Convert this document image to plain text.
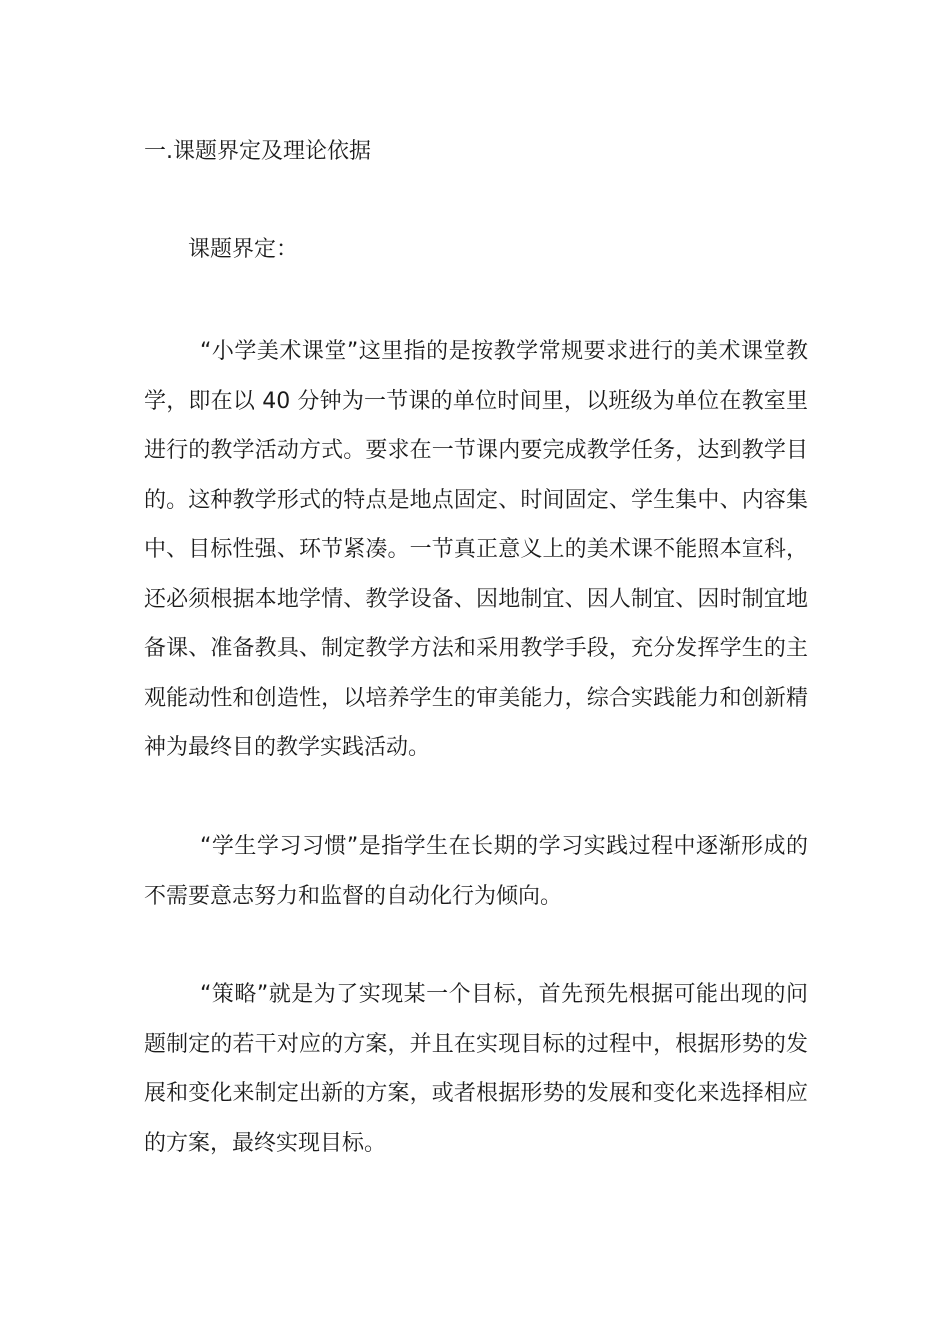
一.课题界定及理论依据
课题界定：

“小学美术课堂”这里指的是按教学常规要求进行的美术课堂教学，即在以 40 分钟为一节课的单位时间里，以班级为单位在教室里进行的教学活动方式。要求在一节课内要完成教学任务，达到教学目的。这种教学形式的特点是地点固定、时间固定、学生集中、内容集中、目标性强、环节紧凑。一节真正意义上的美术课不能照本宣科，还必须根据本地学情、教学设备、因地制宜、因人制宜、因时制宜地备课、准备教具、制定教学方法和采用教学手段，充分发挥学生的主观能动性和创造性，以培养学生的审美能力，综合实践能力和创新精神为最终目的教学实践活动。

“学生学习习惯”是指学生在长期的学习实践过程中逐渐形成的不需要意志努力和监督的自动化行为倾向。

“策略”就是为了实现某一个目标，首先预先根据可能出现的问题制定的若干对应的方案，并且在实现目标的过程中，根据形势的发展和变化来制定出新的方案，或者根据形势的发展和变化来选择相应的方案，最终实现目标。
